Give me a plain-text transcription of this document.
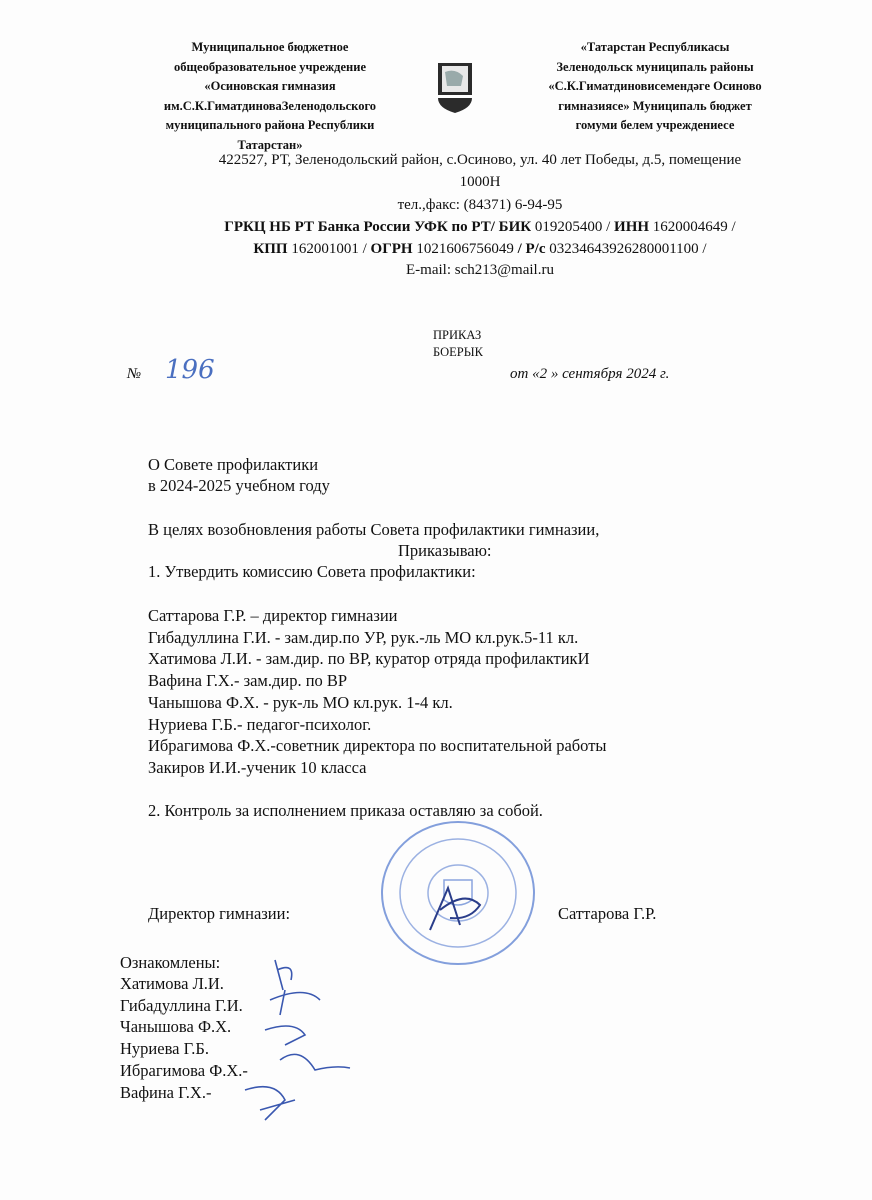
Муниципальное бюджетное
общеобразовательное учреждение
«Осиновская гимназия
им.С.К.ГиматдиноваЗеленодольского
муниципального района Республики
Татарстан»
«Татарстан Республикасы
Зеленодольск муниципаль районы
«С.К.Гиматдиновисемендәге Осиново
гимназиясе» Муниципаль бюджет
гомуми белем учреждениесе
422527, РТ, Зеленодольский район, с.Осиново, ул. 40 лет Победы, д.5, помещение
1000Н
тел.,факс: (84371) 6-94-95
ГРКЦ НБ РТ Банка России УФК по РТ/ БИК 019205400 / ИНН 1620004649 /
КПП 162001001 / ОГРН 1021606756049 / Р/с 03234643926280001100 /
E-mail: sch213@mail.ru
ПРИКАЗ
БОЕРЫК
№ 196	от «2 » сентября 2024 г.
О Совете профилактики
в 2024-2025 учебном году
В целях возобновления работы Совета профилактики гимназии,
Приказываю:
1. Утвердить комиссию Совета профилактики:
Саттарова Г.Р. – директор гимназии
Гибадуллина Г.И. - зам.дир.по УР, рук.-ль МО кл.рук.5-11 кл.
Хатимова Л.И. - зам.дир. по ВР, куратор отряда профилактикИ
Вафина Г.Х.- зам.дир. по ВР
Чанышова Ф.Х. - рук-ль МО кл.рук. 1-4 кл.
Нуриева Г.Б.- педагог-психолог.
Ибрагимова Ф.Х.-советник директора по воспитательной работы
Закиров И.И.-ученик 10 класса
2. Контроль за исполнением приказа оставляю за собой.
Директор гимназии:	Саттарова Г.Р.
Ознакомлены:
Хатимова Л.И.
Гибадуллина Г.И.
Чанышова Ф.Х.
Нуриева Г.Б.
Ибрагимова Ф.Х.-
Вафина Г.Х.-
